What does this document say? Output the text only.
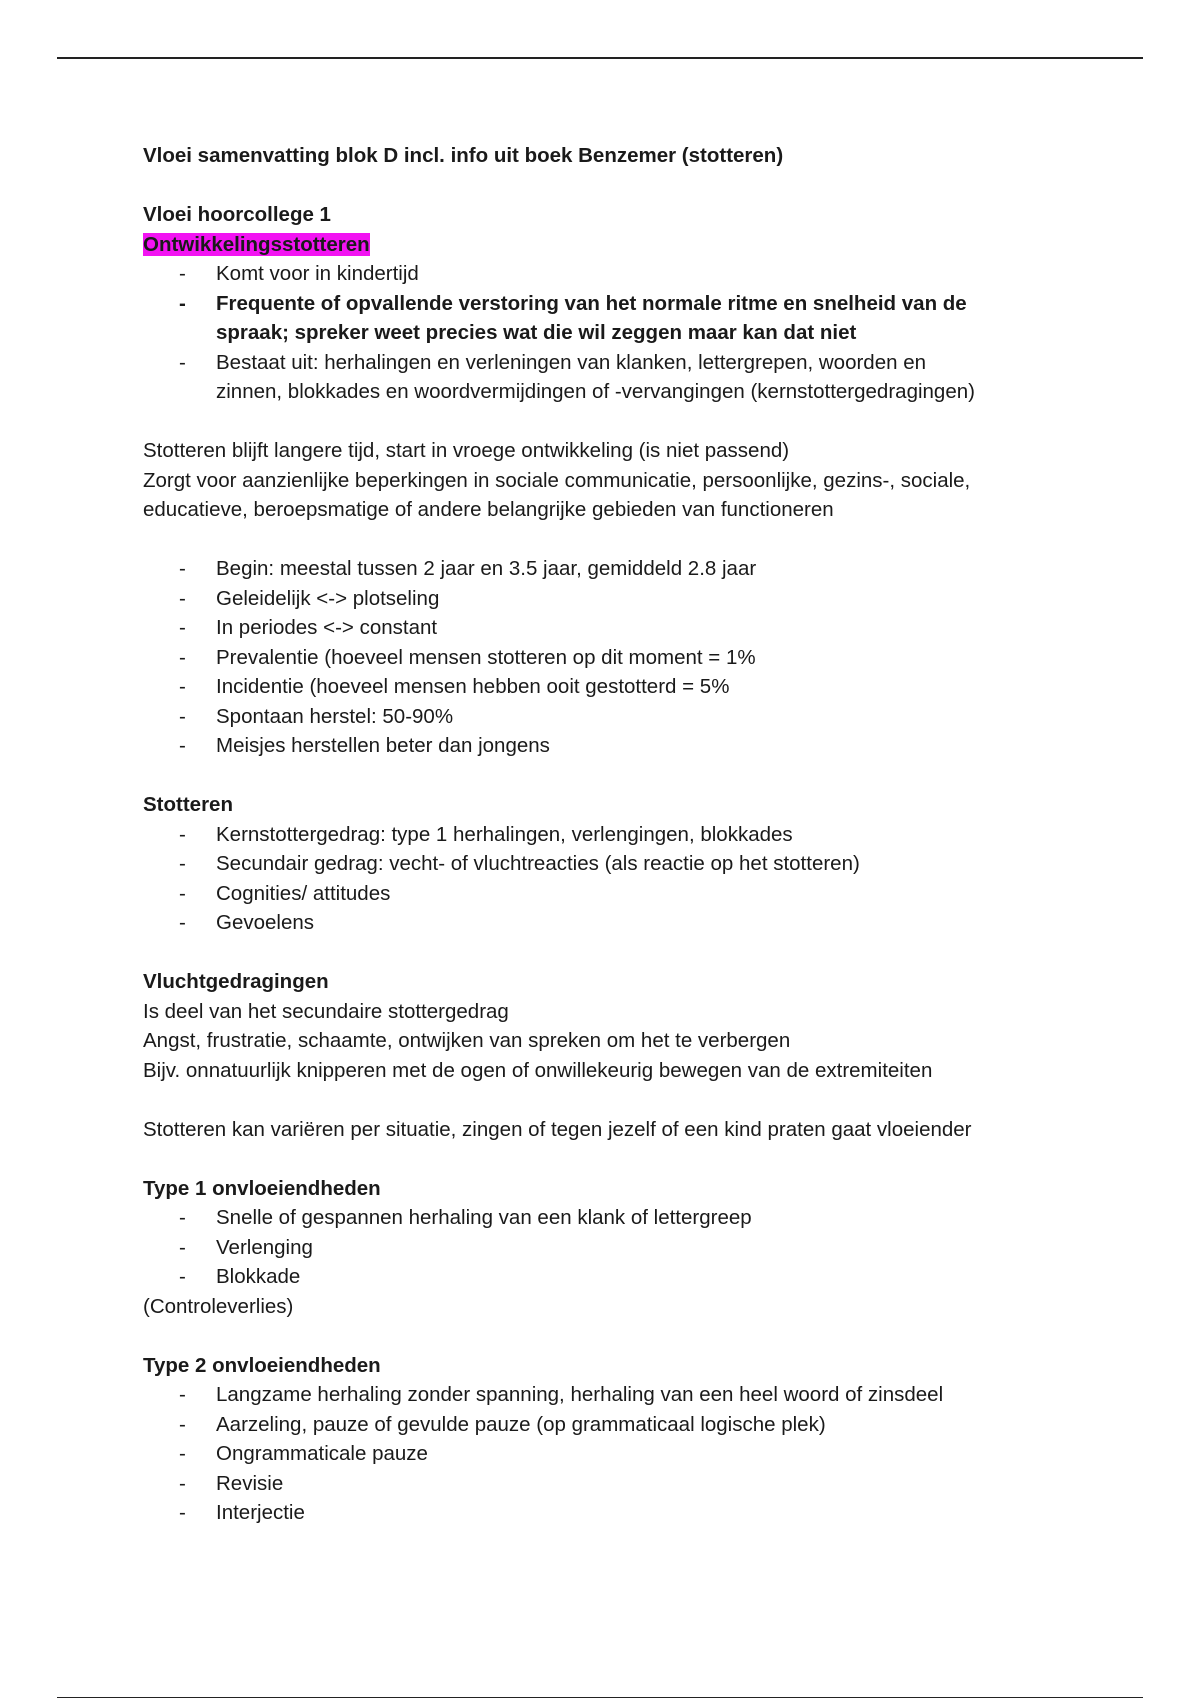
Vloei samenvatting blok D incl. info uit boek Benzemer (stotteren)

Vloei hoorcollege 1

Ontwikkelingsstotteren

- Komt voor in kindertijd
- Frequente of opvallende verstoring van het normale ritme en snelheid van de spraak; spreker weet precies wat die wil zeggen maar kan dat niet
- Bestaat uit: herhalingen en verleningen van klanken, lettergrepen, woorden en zinnen, blokkades en woordvermijdingen of -vervangingen (kernstottergedragingen)

Stotteren blijft langere tijd, start in vroege ontwikkeling (is niet passend)

Zorgt voor aanzienlijke beperkingen in sociale communicatie, persoonlijke, gezins-, sociale,

educatieve, beroepsmatige of andere belangrijke gebieden van functioneren

- Begin: meestal tussen 2 jaar en 3.5 jaar, gemiddeld 2.8 jaar
- Geleidelijk <-> plotseling
- In periodes <-> constant
- Prevalentie (hoeveel mensen stotteren op dit moment = 1%
- Incidentie (hoeveel mensen hebben ooit gestotterd = 5%
- Spontaan herstel: 50-90%
- Meisjes herstellen beter dan jongens

Stotteren

- Kernstottergedrag: type 1 herhalingen, verlengingen, blokkades
- Secundair gedrag: vecht- of vluchtreacties (als reactie op het stotteren)
- Cognities/ attitudes
- Gevoelens

Vluchtgedragingen

Is deel van het secundaire stottergedrag

Angst, frustratie, schaamte, ontwijken van spreken om het te verbergen

Bijv. onnatuurlijk knipperen met de ogen of onwillekeurig bewegen van de extremiteiten

Stotteren kan variëren per situatie, zingen of tegen jezelf of een kind praten gaat vloeiender

Type 1 onvloeiendheden

- Snelle of gespannen herhaling van een klank of lettergreep
- Verlenging
- Blokkade

(Controleverlies)

Type 2 onvloeiendheden

- Langzame herhaling zonder spanning, herhaling van een heel woord of zinsdeel
- Aarzeling, pauze of gevulde pauze (op grammaticaal logische plek)
- Ongrammaticale pauze
- Revisie
- Interjectie
